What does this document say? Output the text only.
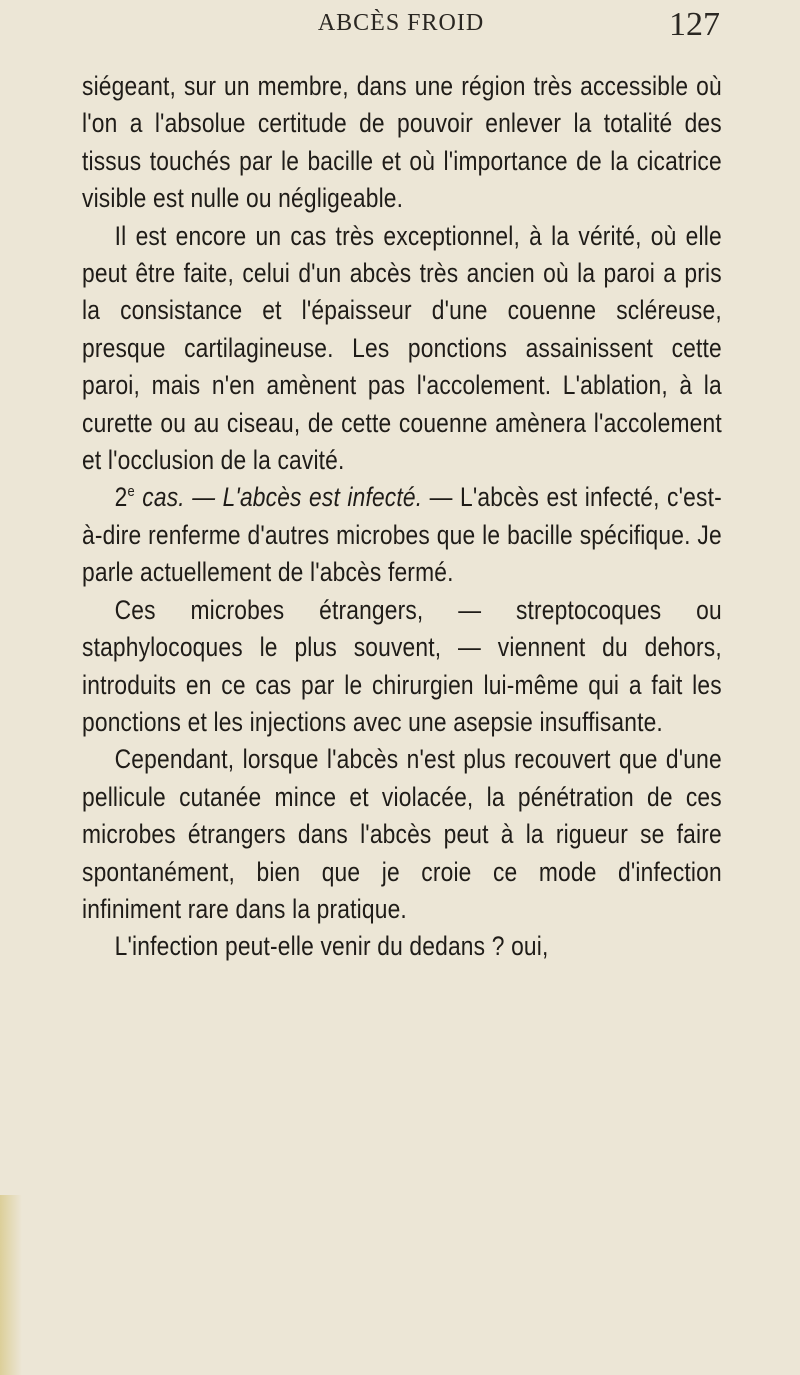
ABCÈS FROID	127

siégeant, sur un membre, dans une région très accessible où l'on a l'absolue certitude de pouvoir enlever la totalité des tissus touchés par le bacille et où l'importance de la cicatrice visible est nulle ou négligeable.

Il est encore un cas très exceptionnel, à la vérité, où elle peut être faite, celui d'un abcès très ancien où la paroi a pris la consistance et l'épaisseur d'une couenne scléreuse, presque cartilagineuse. Les ponctions assainissent cette paroi, mais n'en amènent pas l'accolement. L'ablation, à la curette ou au ciseau, de cette couenne amènera l'accolement et l'occlusion de la cavité.

2e cas. — L'abcès est infecté. — L'abcès est infecté, c'est-à-dire renferme d'autres microbes que le bacille spécifique. Je parle actuellement de l'abcès fermé.

Ces microbes étrangers, — streptocoques ou staphylocoques le plus souvent, — viennent du dehors, introduits en ce cas par le chirurgien lui-même qui a fait les ponctions et les injections avec une asepsie insuffisante.

Cependant, lorsque l'abcès n'est plus recouvert que d'une pellicule cutanée mince et violacée, la pénétration de ces microbes étrangers dans l'abcès peut à la rigueur se faire spontanément, bien que je croie ce mode d'infection infiniment rare dans la pratique.

L'infection peut-elle venir du dedans ? oui,
